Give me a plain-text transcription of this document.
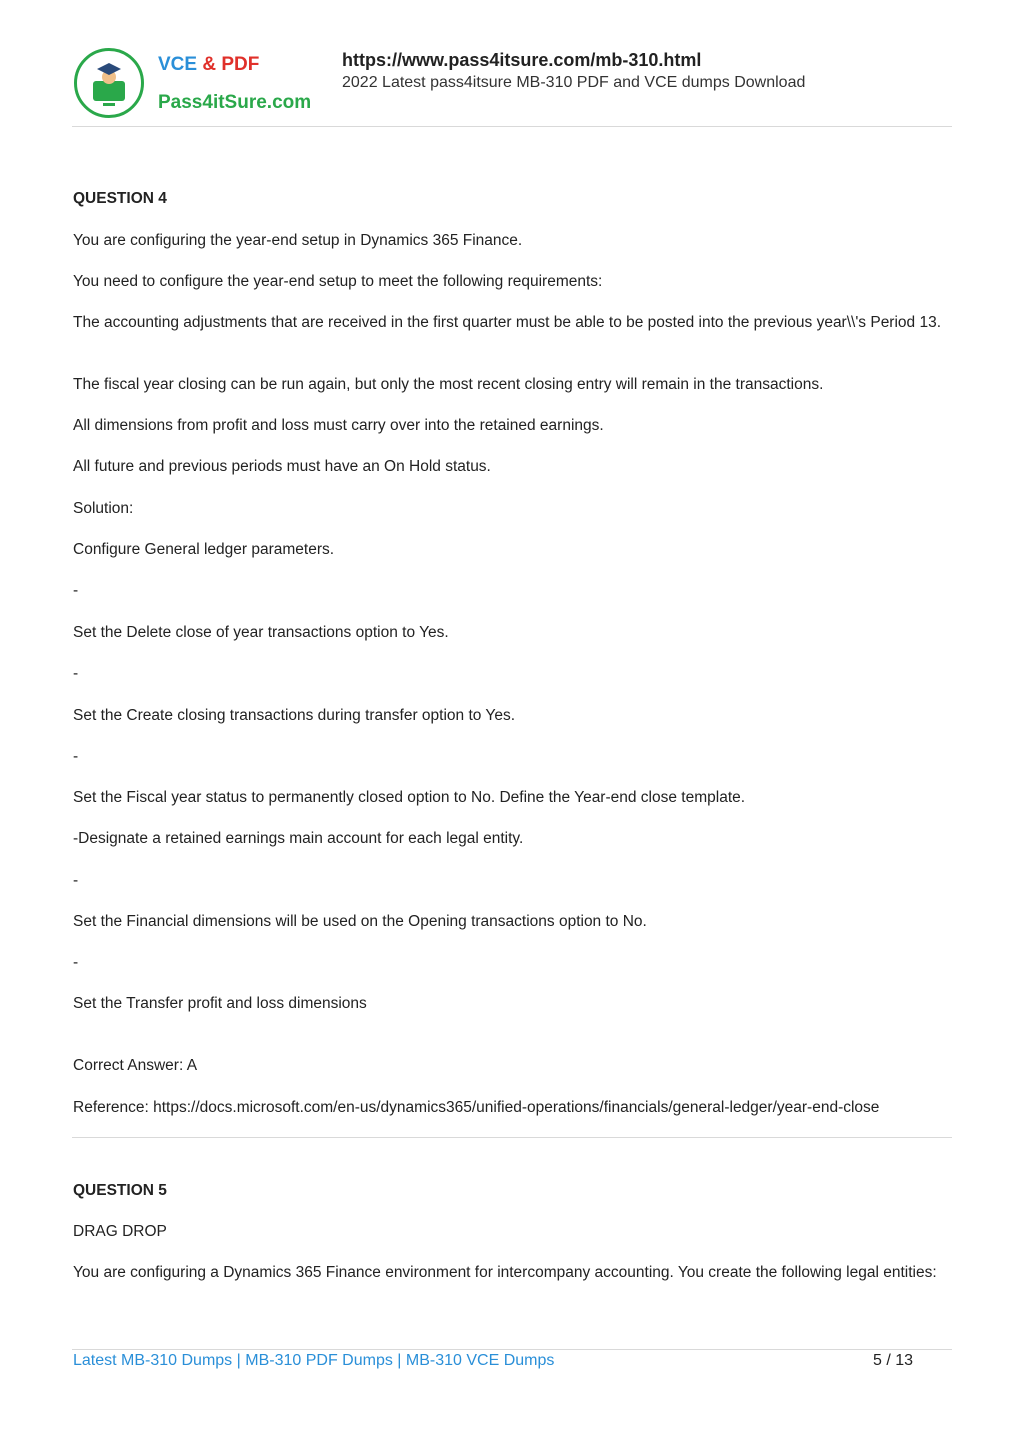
VCE & PDF
Pass4itSure.com
https://www.pass4itsure.com/mb-310.html
2022 Latest pass4itsure MB-310 PDF and VCE dumps Download
QUESTION 4
You are configuring the year-end setup in Dynamics 365 Finance.
You need to configure the year-end setup to meet the following requirements:
The accounting adjustments that are received in the first quarter must be able to be posted into the previous year\\'s Period 13.
The fiscal year closing can be run again, but only the most recent closing entry will remain in the transactions.
All dimensions from profit and loss must carry over into the retained earnings.
All future and previous periods must have an On Hold status.
Solution:
Configure General ledger parameters.
-
Set the Delete close of year transactions option to Yes.
-
Set the Create closing transactions during transfer option to Yes.
-
Set the Fiscal year status to permanently closed option to No. Define the Year-end close template.
-Designate a retained earnings main account for each legal entity.
-
Set the Financial dimensions will be used on the Opening transactions option to No.
-
Set the Transfer profit and loss dimensions
Correct Answer: A
Reference: https://docs.microsoft.com/en-us/dynamics365/unified-operations/financials/general-ledger/year-end-close
QUESTION 5
DRAG DROP
You are configuring a Dynamics 365 Finance environment for intercompany accounting. You create the following legal entities:
Latest MB-310 Dumps | MB-310 PDF Dumps | MB-310 VCE Dumps	5 / 13
